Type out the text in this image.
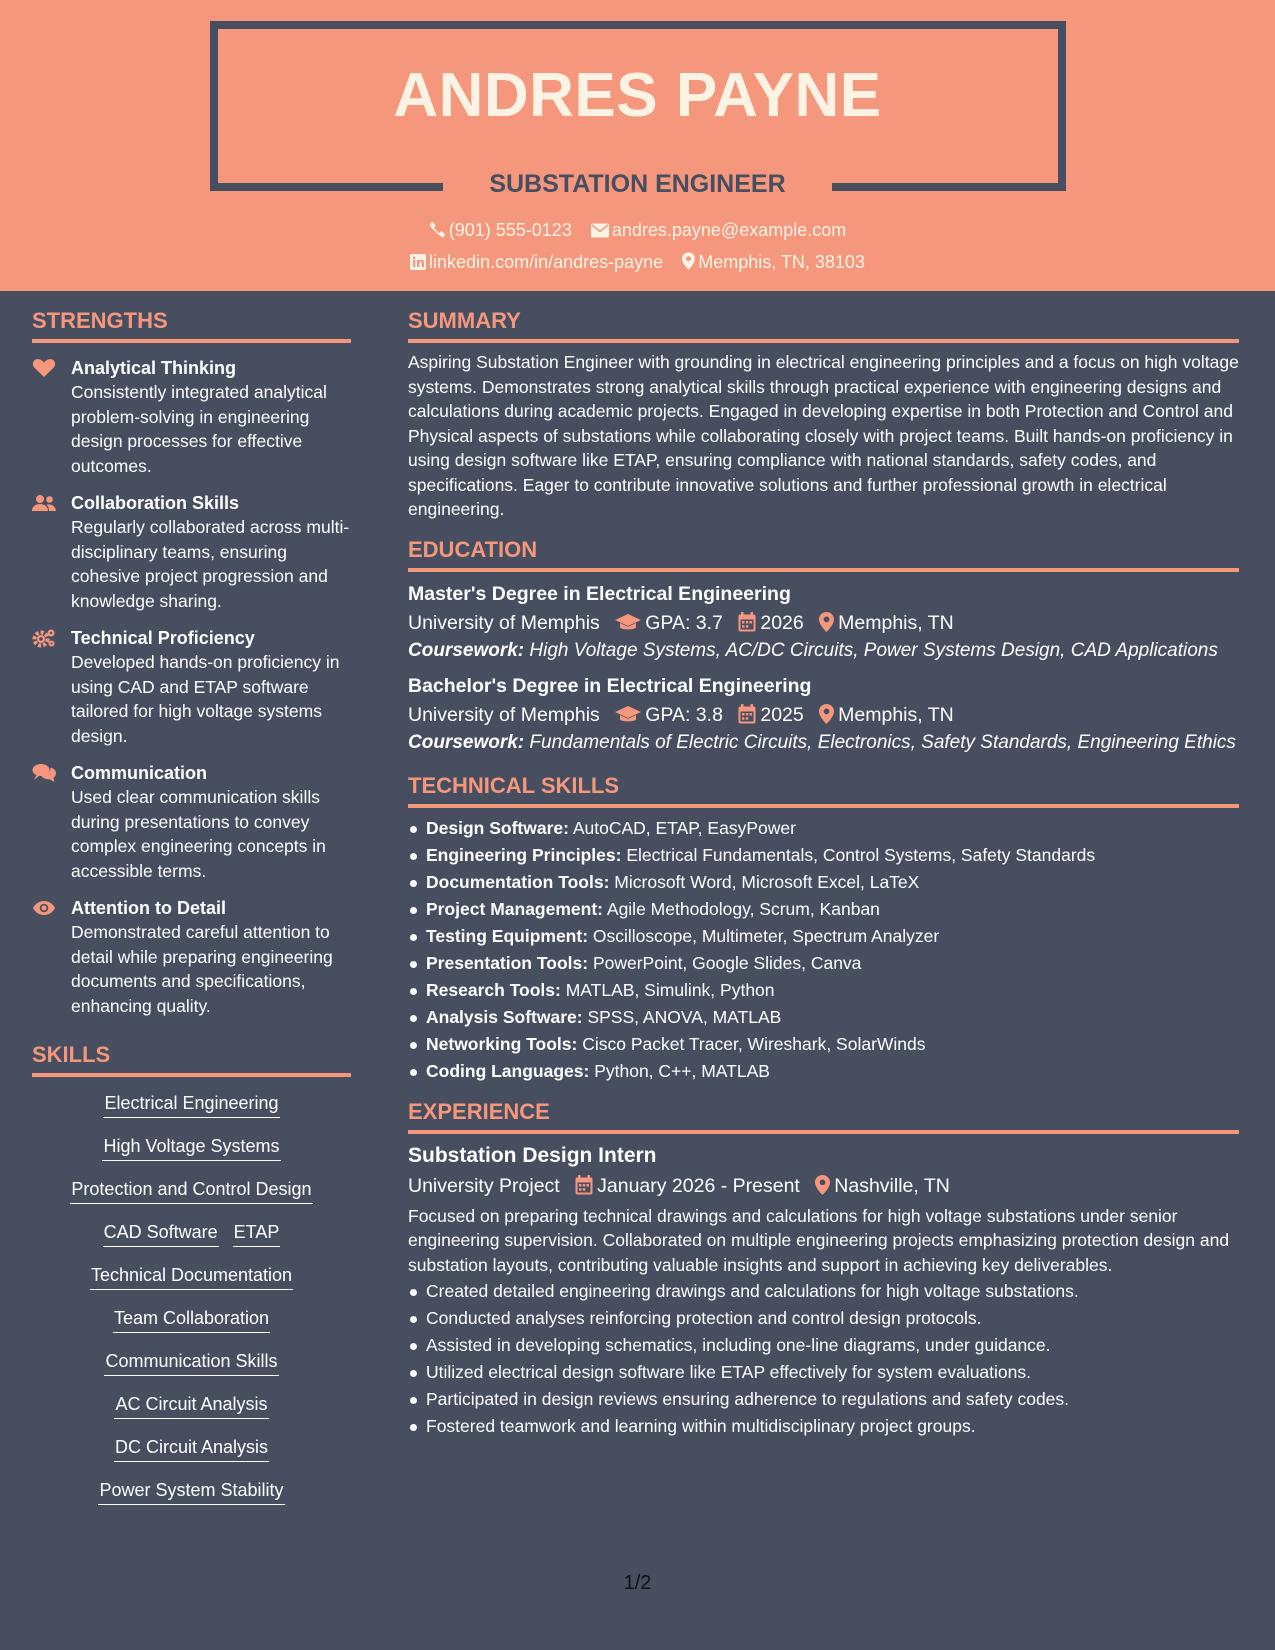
ANDRES PAYNE
SUBSTATION ENGINEER
(901) 555-0123 andres.payne@example.com
linkedin.com/in/andres-payne Memphis, TN, 38103
STRENGTHS
Analytical Thinking
Consistently integrated analytical problem-solving in engineering design processes for effective outcomes.
Collaboration Skills
Regularly collaborated across multi-disciplinary teams, ensuring cohesive project progression and knowledge sharing.
Technical Proficiency
Developed hands-on proficiency in using CAD and ETAP software tailored for high voltage systems design.
Communication
Used clear communication skills during presentations to convey complex engineering concepts in accessible terms.
Attention to Detail
Demonstrated careful attention to detail while preparing engineering documents and specifications, enhancing quality.
SKILLS
Electrical Engineering
High Voltage Systems
Protection and Control Design
CAD Software ETAP
Technical Documentation
Team Collaboration
Communication Skills
AC Circuit Analysis
DC Circuit Analysis
Power System Stability
SUMMARY
Aspiring Substation Engineer with grounding in electrical engineering principles and a focus on high voltage systems. Demonstrates strong analytical skills through practical experience with engineering designs and calculations during academic projects. Engaged in developing expertise in both Protection and Control and Physical aspects of substations while collaborating closely with project teams. Built hands-on proficiency in using design software like ETAP, ensuring compliance with national standards, safety codes, and specifications. Eager to contribute innovative solutions and further professional growth in electrical engineering.
EDUCATION
Master's Degree in Electrical Engineering
University of Memphis GPA: 3.7 2026 Memphis, TN
Coursework: High Voltage Systems, AC/DC Circuits, Power Systems Design, CAD Applications
Bachelor's Degree in Electrical Engineering
University of Memphis GPA: 3.8 2025 Memphis, TN
Coursework: Fundamentals of Electric Circuits, Electronics, Safety Standards, Engineering Ethics
TECHNICAL SKILLS
Design Software: AutoCAD, ETAP, EasyPower
Engineering Principles: Electrical Fundamentals, Control Systems, Safety Standards
Documentation Tools: Microsoft Word, Microsoft Excel, LaTeX
Project Management: Agile Methodology, Scrum, Kanban
Testing Equipment: Oscilloscope, Multimeter, Spectrum Analyzer
Presentation Tools: PowerPoint, Google Slides, Canva
Research Tools: MATLAB, Simulink, Python
Analysis Software: SPSS, ANOVA, MATLAB
Networking Tools: Cisco Packet Tracer, Wireshark, SolarWinds
Coding Languages: Python, C++, MATLAB
EXPERIENCE
Substation Design Intern
University Project January 2026 - Present Nashville, TN
Focused on preparing technical drawings and calculations for high voltage substations under senior engineering supervision. Collaborated on multiple engineering projects emphasizing protection design and substation layouts, contributing valuable insights and support in achieving key deliverables.
Created detailed engineering drawings and calculations for high voltage substations.
Conducted analyses reinforcing protection and control design protocols.
Assisted in developing schematics, including one-line diagrams, under guidance.
Utilized electrical design software like ETAP effectively for system evaluations.
Participated in design reviews ensuring adherence to regulations and safety codes.
Fostered teamwork and learning within multidisciplinary project groups.
1/2
